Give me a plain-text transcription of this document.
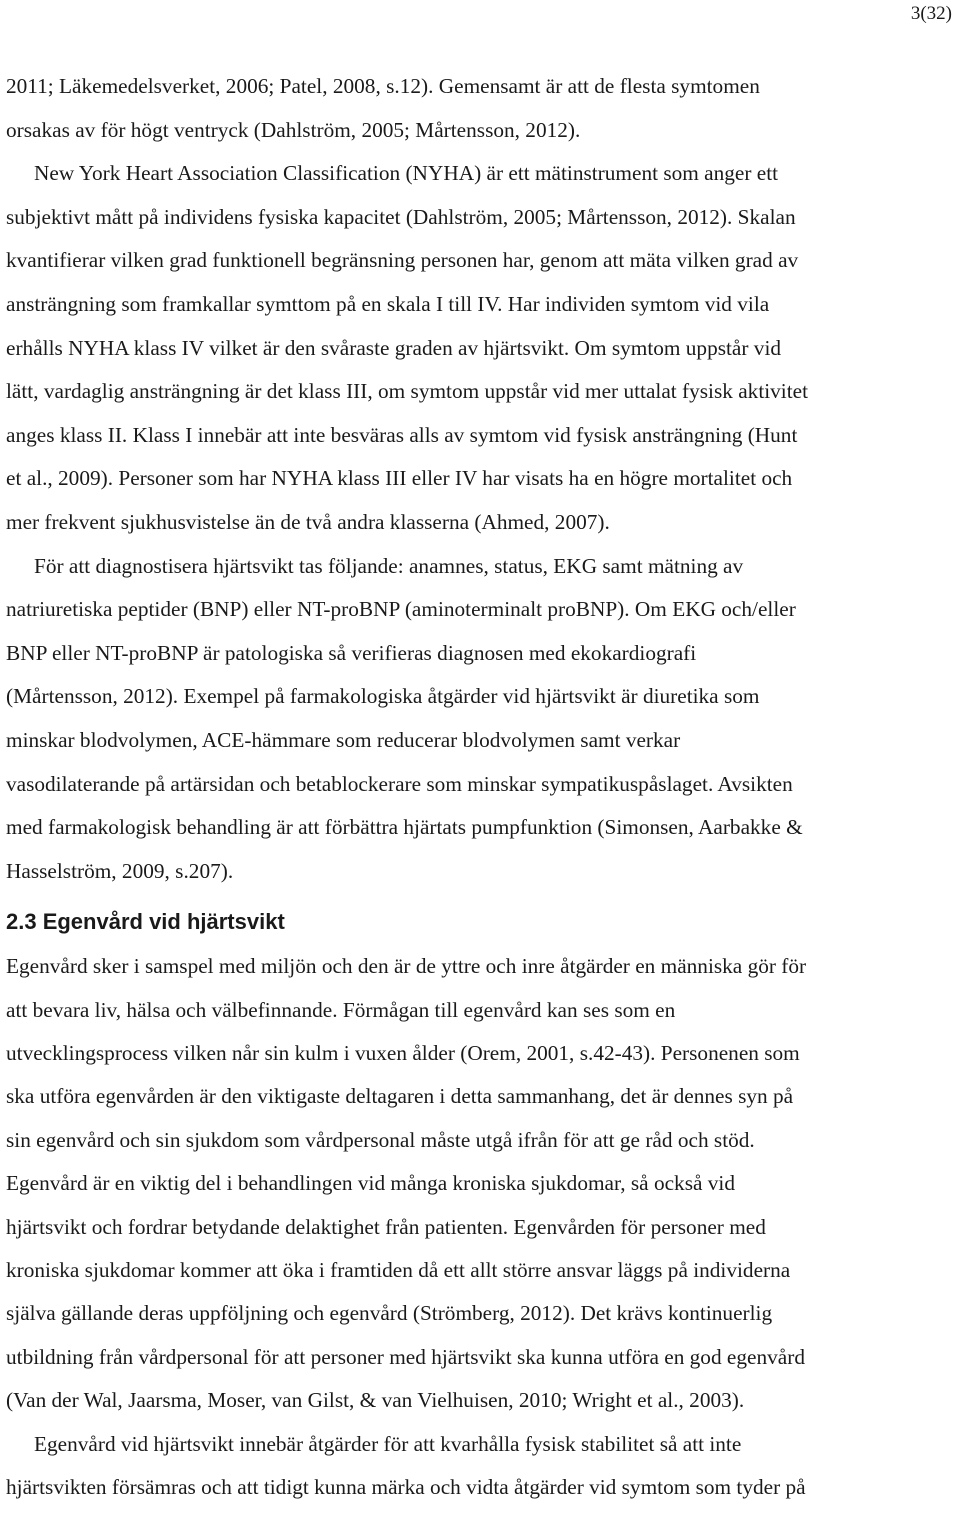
3(32)
2011; Läkemedelsverket, 2006; Patel, 2008, s.12). Gemensamt är att de flesta symtomen
orsakas av för högt ventryck (Dahlström, 2005; Mårtensson, 2012).
New York Heart Association Classification (NYHA) är ett mätinstrument som anger ett
subjektivt mått på individens fysiska kapacitet (Dahlström, 2005; Mårtensson, 2012). Skalan
kvantifierar vilken grad funktionell begränsning personen har, genom att mäta vilken grad av
ansträngning som framkallar symttom på en skala I till IV. Har individen symtom vid vila
erhålls NYHA klass IV vilket är den svåraste graden av hjärtsvikt. Om symtom uppstår vid
lätt, vardaglig ansträngning är det klass III, om symtom uppstår vid mer uttalat fysisk aktivitet
anges klass II. Klass I innebär att inte besväras alls av symtom vid fysisk ansträngning (Hunt
et al., 2009). Personer som har NYHA klass III eller IV har visats ha en högre mortalitet och
mer frekvent sjukhusvistelse än de två andra klasserna (Ahmed, 2007).
För att diagnostisera hjärtsvikt tas följande: anamnes, status, EKG samt mätning av
natriuretiska peptider (BNP) eller NT-proBNP (aminoterminalt proBNP). Om EKG och/eller
BNP eller NT-proBNP är patologiska så verifieras diagnosen med ekokardiografi
(Mårtensson, 2012). Exempel på farmakologiska åtgärder vid hjärtsvikt är diuretika som
minskar blodvolymen, ACE-hämmare som reducerar blodvolymen samt verkar
vasodilaterande på artärsidan och betablockerare som minskar sympatikuspåslaget. Avsikten
med farmakologisk behandling är att förbättra hjärtats pumpfunktion (Simonsen, Aarbakke &
Hasselström, 2009, s.207).
2.3 Egenvård vid hjärtsvikt
Egenvård sker i samspel med miljön och den är de yttre och inre åtgärder en människa gör för
att bevara liv, hälsa och välbefinnande. Förmågan till egenvård kan ses som en
utvecklingsprocess vilken når sin kulm i vuxen ålder (Orem, 2001, s.42-43). Personenen som
ska utföra egenvården är den viktigaste deltagaren i detta sammanhang, det är dennes syn på
sin egenvård och sin sjukdom som vårdpersonal måste utgå ifrån för att ge råd och stöd.
Egenvård är en viktig del i behandlingen vid många kroniska sjukdomar, så också vid
hjärtsvikt och fordrar betydande delaktighet från patienten. Egenvården för personer med
kroniska sjukdomar kommer att öka i framtiden då ett allt större ansvar läggs på individerna
själva gällande deras uppföljning och egenvård (Strömberg, 2012). Det krävs kontinuerlig
utbildning från vårdpersonal för att personer med hjärtsvikt ska kunna utföra en god egenvård
(Van der Wal, Jaarsma, Moser, van Gilst, & van Vielhuisen, 2010; Wright et al., 2003).
Egenvård vid hjärtsvikt innebär åtgärder för att kvarhålla fysisk stabilitet så att inte
hjärtsvikten försämras och att tidigt kunna märka och vidta åtgärder vid symtom som tyder på
